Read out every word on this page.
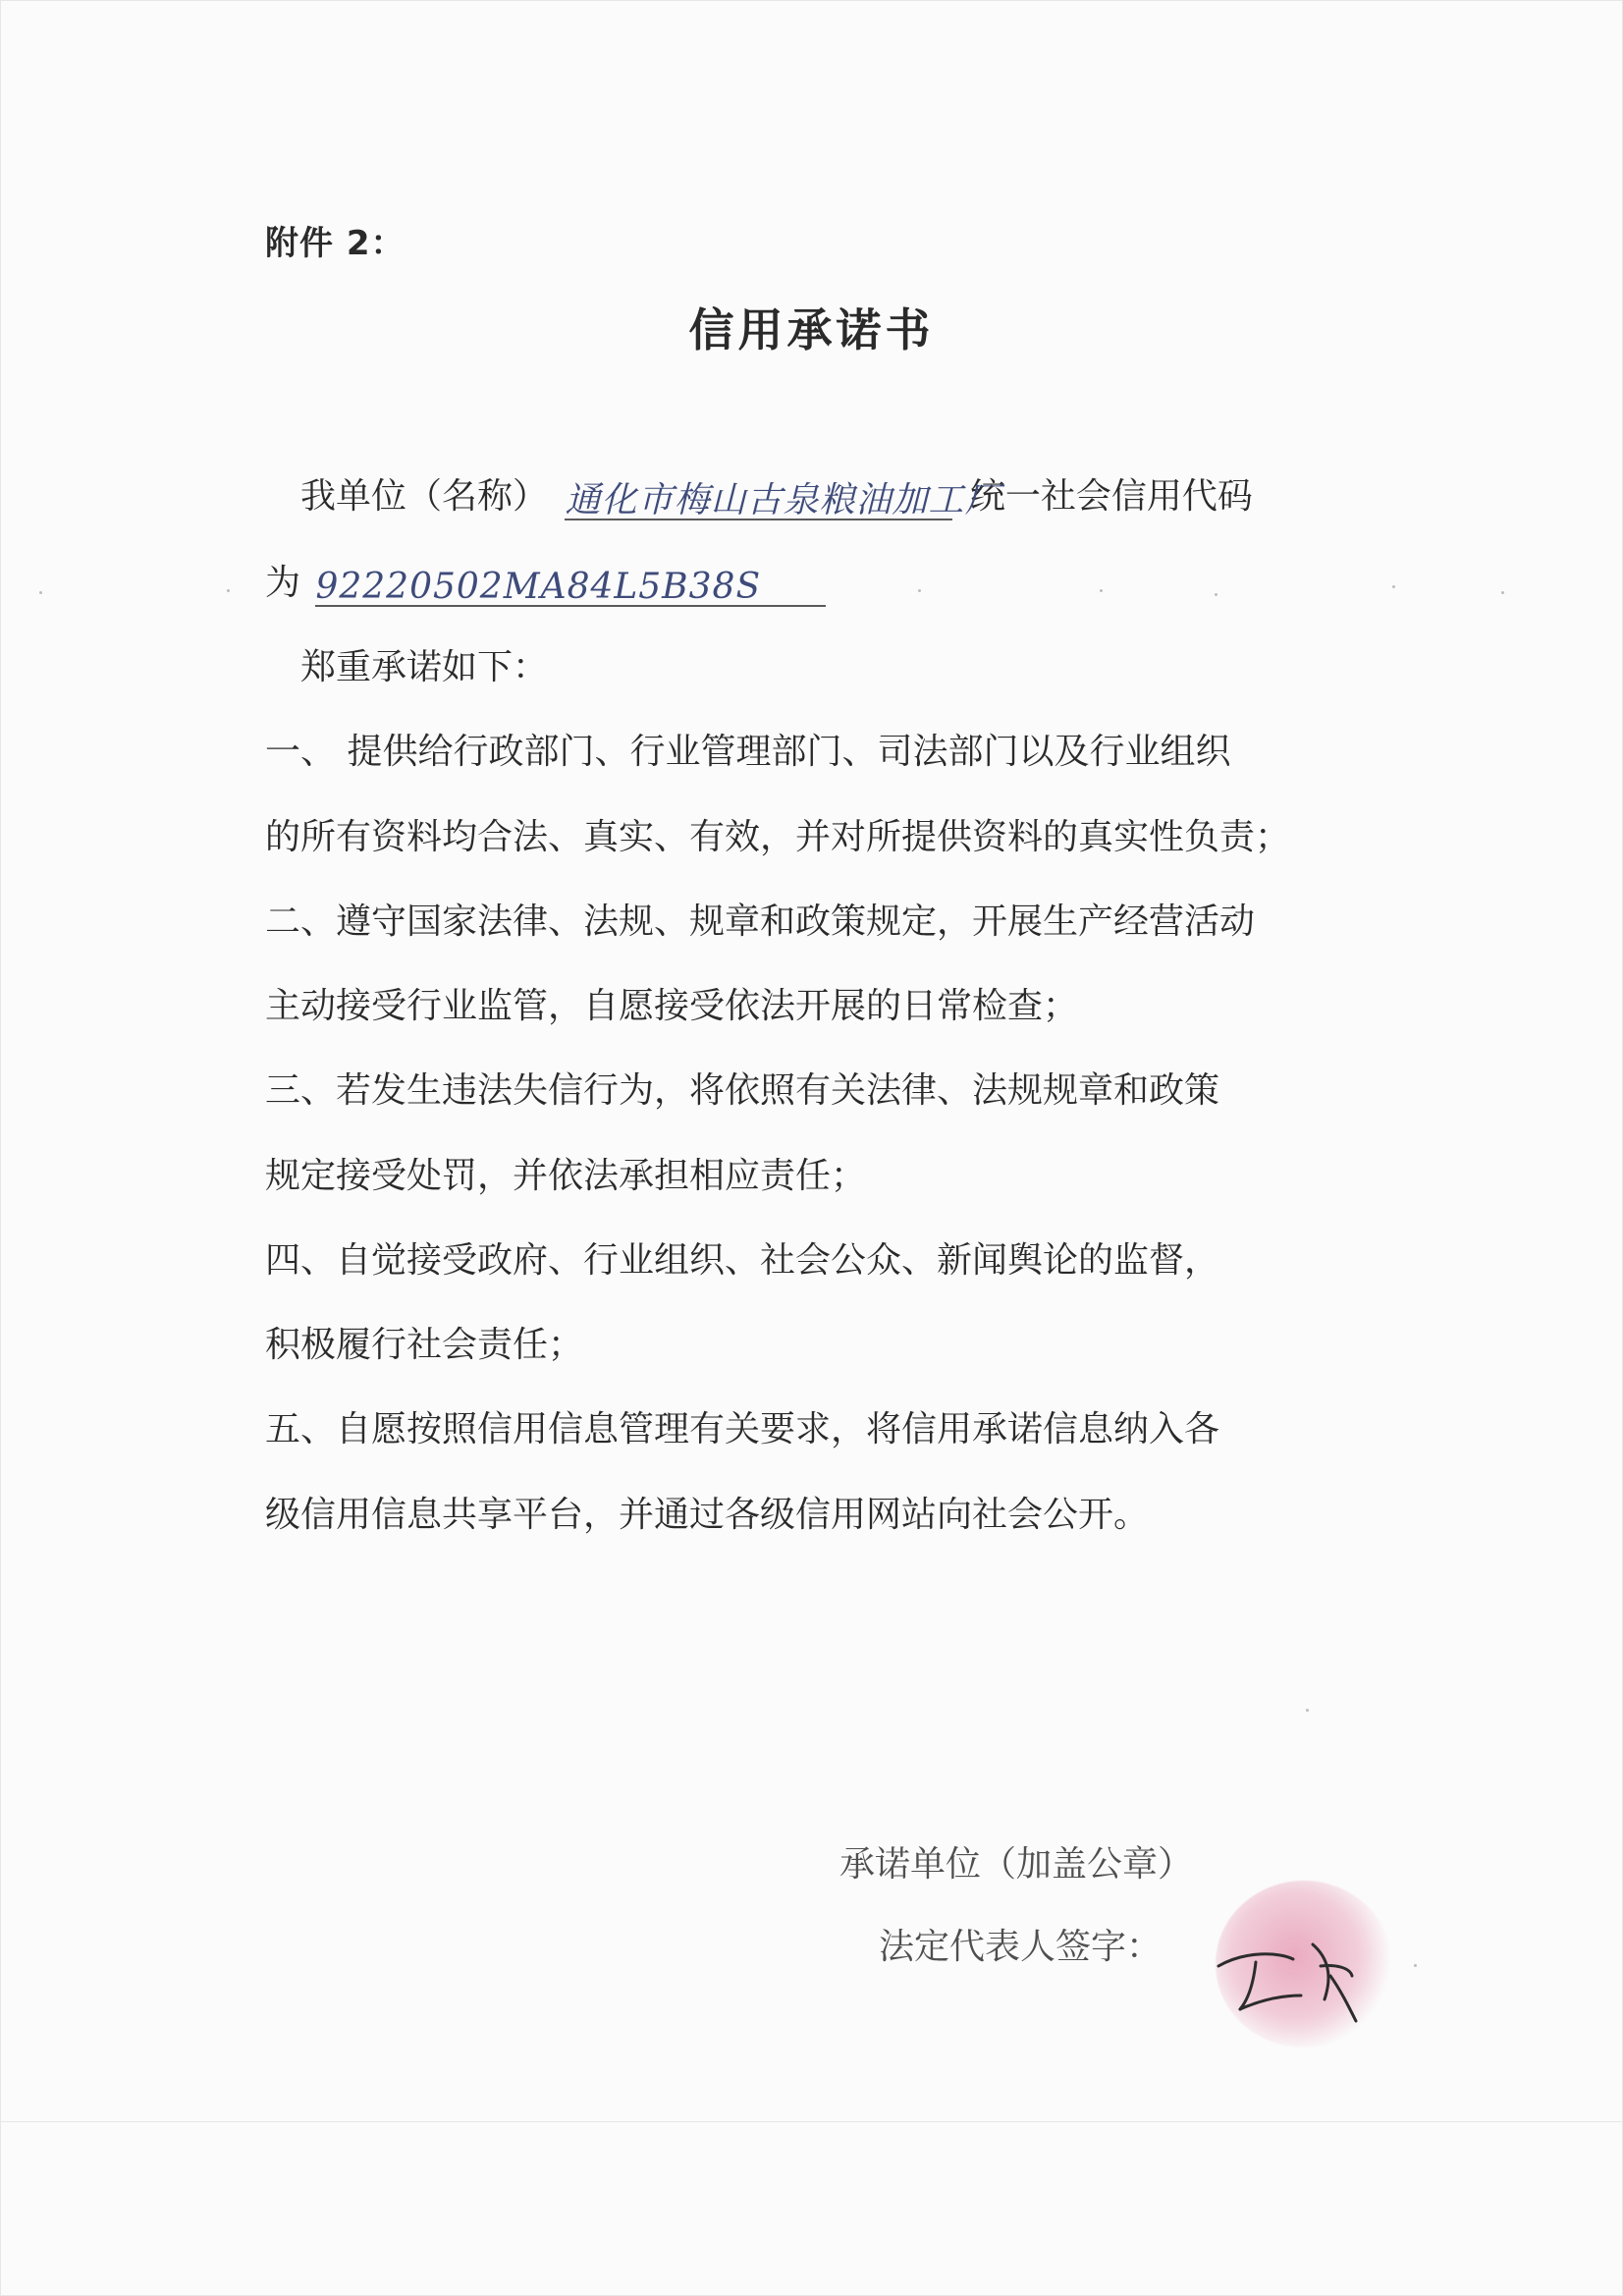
附件 2：
信用承诺书
我单位（名称） 通化市梅山古泉粮油加工厂 统一社会信用代码
为 92220502MA84L5B38S
郑重承诺如下：
一、 提供给行政部门、行业管理部门、司法部门以及行业组织
的所有资料均合法、真实、有效，并对所提供资料的真实性负责；
二、遵守国家法律、法规、规章和政策规定，开展生产经营活动
主动接受行业监管，自愿接受依法开展的日常检查；
三、若发生违法失信行为，将依照有关法律、法规规章和政策
规定接受处罚，并依法承担相应责任；
四、自觉接受政府、行业组织、社会公众、新闻舆论的监督，
积极履行社会责任；
五、自愿按照信用信息管理有关要求，将信用承诺信息纳入各
级信用信息共享平台，并通过各级信用网站向社会公开。
承诺单位（加盖公章）
法定代表人签字：	王伟
